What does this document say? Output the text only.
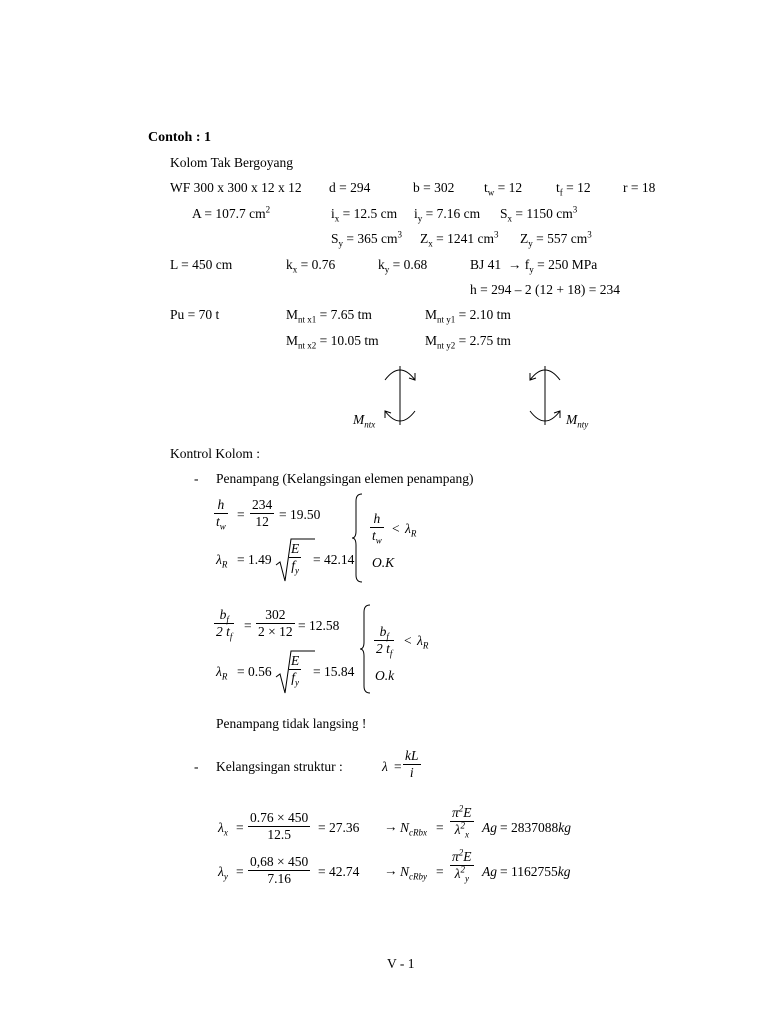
Contoh : 1
Kolom Tak Bergoyang
WF 300 x 300 x 12 x 12 d = 294	b = 302 $t_w = 12$	$t_f = 12$ r = 18
A = 107.7 $cm^2$	$i_x = 12.5$ cm $i_y = 7.16$ cm $S_x = 1150$ $cm^3$
$S_y = 365$ $cm^3$ $Z_x = 1241$ $cm^3$ $Z_y = 557$ $cm^3$
L = 450 cm	$k_x = 0.76$	$k_y = 0.68$	BJ $41 \to f_y = 250$ MPa
h = 294 – 2 (12 + 18) = 234
Pu = 70 t	$M_{nt x1} = 7.65$ tm	$M_{nt y1} = 2.10$ tm
$M_{nt x2} = 10.05$ tm	$M_{nt y2} = 2.75$ tm
$M_{ntx}$	$M_{nty}$
Kontrol Kolom :
- Penampang (Kelangsingan elemen penampang)
$\frac{h}{t_w} = \frac{234}{12} = 19.50$
$\lambda_R = 1.49 \frac{E}{f_y} = 42.14$
$\frac{h}{t_w} < \lambda_R$
O.K
$\frac{b_f}{2 t_f} = \frac{302}{2 \times 12} = 12.58$
$\lambda_R = 0.56 \frac{E}{f_y} = 15.84$
$\frac{b_f}{2 t_f} < \lambda_R$
O.k
Penampang tidak langsing !
- Kelangsingan struktur :	$\lambda = \frac{kL}{i}$
$\lambda_x = \frac{0.76 \times 450}{12.5} = 27.36 \to N_{cRbx} = \frac{\pi^2E}{\lambda^2_x}$ Ag = 2837088kg
$\lambda_y = \frac{0,68 \times 450}{7.16} = 42.74 \to N_{cRby} = \frac{\pi^2E}{\lambda^2_y}$ Ag = 1162755kg
V - 1
